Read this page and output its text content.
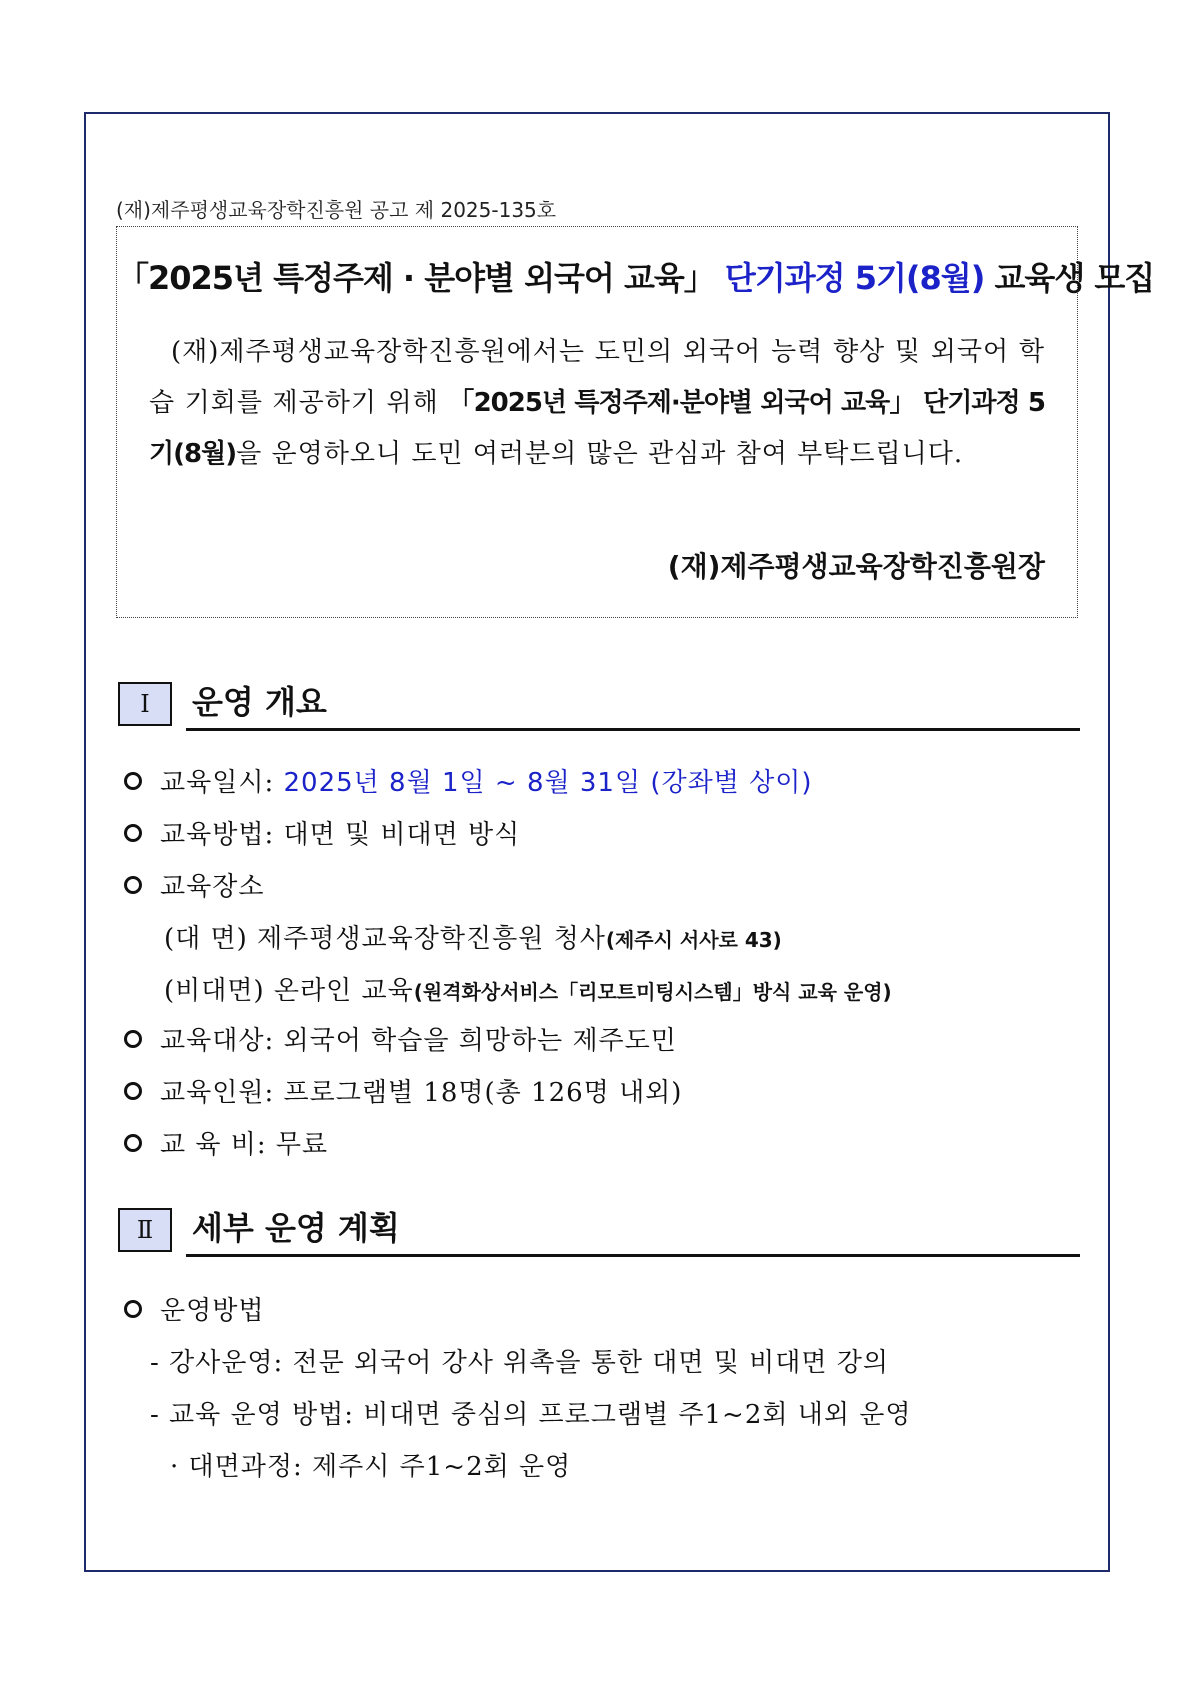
(재)제주평생교육장학진흥원 공고 제 2025-135호
「2025년 특정주제 · 분야별 외국어 교육」 단기과정 5기(8월) 교육생 모집
(재)제주평생교육장학진흥원에서는 도민의 외국어 능력 향상 및 외국어 학습 기회를 제공하기 위해 「2025년 특정주제·분야별 외국어 교육」 단기과정 5기(8월)을 운영하오니 도민 여러분의 많은 관심과 참여 부탁드립니다.
(재)제주평생교육장학진흥원장
Ⅰ	운영 개요
교육일시: 2025년 8월 1일 ~ 8월 31일 (강좌별 상이)
교육방법: 대면 및 비대면 방식
교육장소
(대 면) 제주평생교육장학진흥원 청사(제주시 서사로 43)
(비대면) 온라인 교육(원격화상서비스「리모트미팅시스템」방식 교육 운영)
교육대상: 외국어 학습을 희망하는 제주도민
교육인원: 프로그램별 18명(총 126명 내외)
교 육 비: 무료
Ⅱ	세부 운영 계획
운영방법
- 강사운영: 전문 외국어 강사 위촉을 통한 대면 및 비대면 강의
- 교육 운영 방법: 비대면 중심의 프로그램별 주1~2회 내외 운영
· 대면과정: 제주시 주1~2회 운영
